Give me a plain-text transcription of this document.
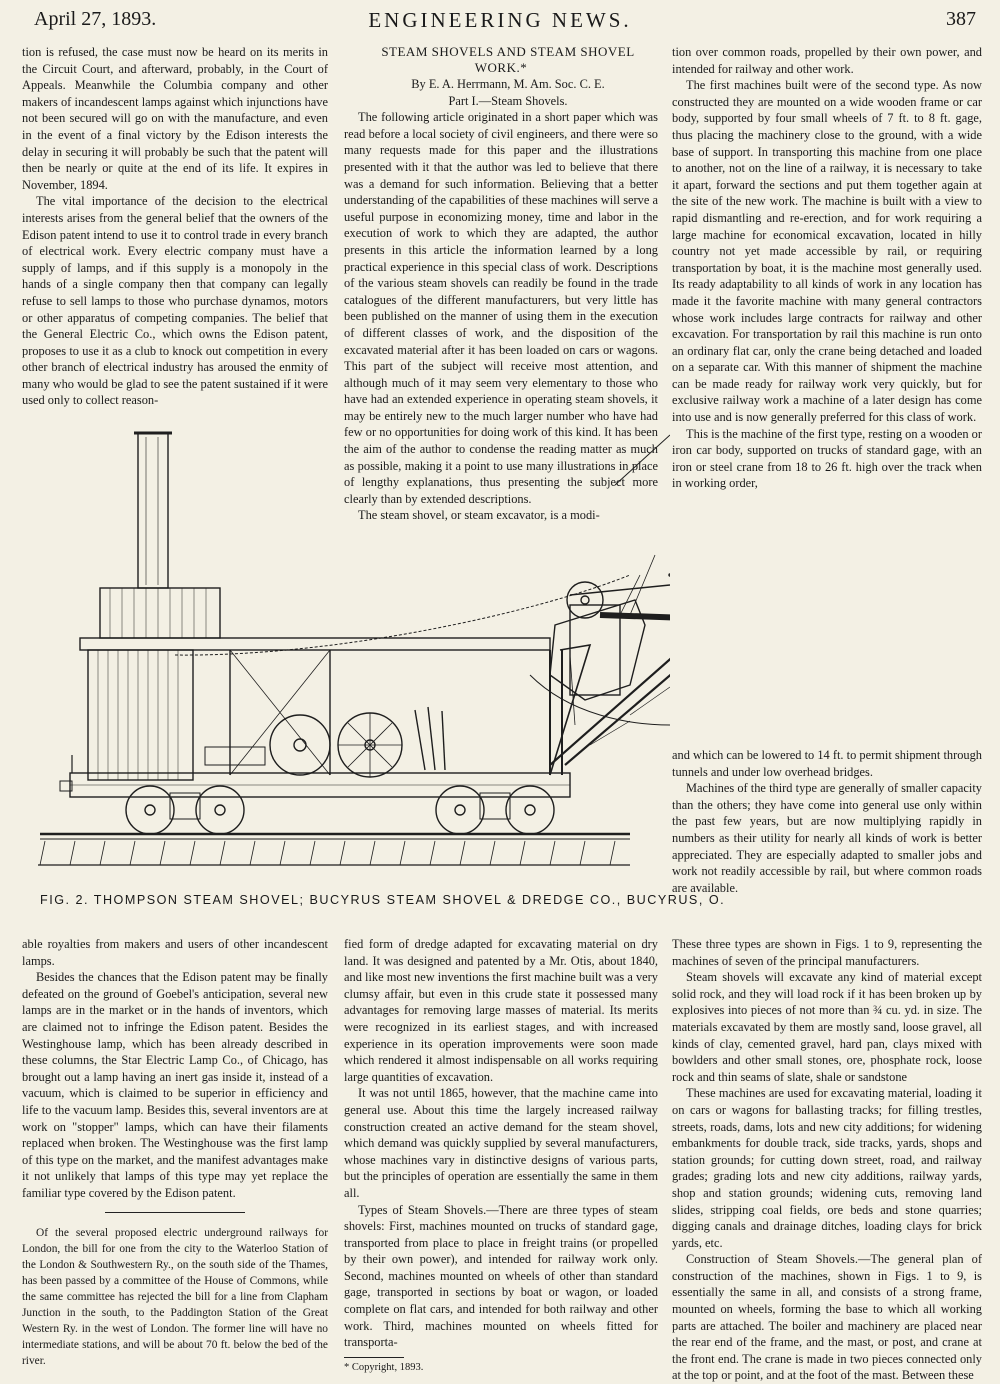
April 27, 1893.	ENGINEERING NEWS.	387

tion is refused, the case must now be heard on its merits in the Circuit Court, and afterward, probably, in the Court of Appeals. Meanwhile the Columbia company and other makers of incandescent lamps against which injunctions have not been secured will go on with the manufacture, and even in the event of a final victory by the Edison interests the delay in securing it will probably be such that the patent will then be nearly or quite at the end of its life. It expires in November, 1894.

The vital importance of the decision to the electrical interests arises from the general belief that the owners of the Edison patent intend to use it to control trade in every branch of electrical work. Every electric company must have a supply of lamps, and if this supply is a monopoly in the hands of a single company then that company can legally refuse to sell lamps to those who purchase dynamos, motors or other apparatus of competing companies. The belief that the General Electric Co., which owns the Edison patent, proposes to use it as a club to knock out competition in every other branch of electrical industry has aroused the enmity of many who would be glad to see the patent sustained if it were used only to collect reason-

STEAM SHOVELS AND STEAM SHOVEL WORK.*

By E. A. Herrmann, M. Am. Soc. C. E.

Part I.—Steam Shovels.

The following article originated in a short paper which was read before a local society of civil engineers, and there were so many requests made for this paper and the illustrations presented with it that the author was led to believe that there was a demand for such information. Believing that a better understanding of the capabilities of these machines will serve a useful purpose in economizing money, time and labor in the execution of work to which they are adapted, the author presents in this article the information learned by a long practical experience in this special class of work. Descriptions of the various steam shovels can readily be found in the trade catalogues of the different manufacturers, but very little has been published on the manner of using them in the execution of different classes of work, and the disposition of the excavated material after it has been loaded on cars or wagons. This part of the subject will receive most attention, and although much of it may seem very elementary to those who have had an extended experience in operating steam shovels, it may be entirely new to the much larger number who have had few or no opportunities for doing work of this kind. It has been the aim of the author to condense the reading matter as much as possible, making it a point to use many illustrations in place of lengthy explanations, thus presenting the subject more clearly than by extended descriptions.

The steam shovel, or steam excavator, is a modi-

tion over common roads, propelled by their own power, and intended for railway and other work.

The first machines built were of the second type. As now constructed they are mounted on a wide wooden frame or car body, supported by four small wheels of 7 ft. to 8 ft. gage, thus placing the machinery close to the ground, with a wide base of support. In transporting this machine from one place to another, not on the line of a railway, it is necessary to take it apart, forward the sections and put them together again at the site of the new work. The machine is built with a view to rapid dismantling and re-erection, and for work requiring a large machine for economical excavation, located in hilly country not yet made accessible by rail, or requiring transportation by boat, it is the machine most generally used. Its ready adaptability to all kinds of work in any location has made it the favorite machine with many general contractors whose work includes large contracts for railway and other excavation. For transportation by rail this machine is run onto an ordinary flat car, only the crane being detached and loaded on a separate car. With this manner of shipment the machine can be made ready for railway work very quickly, but for exclusive railway work a machine of a later design has come into use and is now generally preferred for this class of work.

This is the machine of the first type, resting on a wooden or iron car body, supported on trucks of standard gage, with an iron or steel crane from 18 to 26 ft. high over the track when in working order,

and which can be lowered to 14 ft. to permit shipment through tunnels and under low overhead bridges.

Machines of the third type are generally of smaller capacity than the others; they have come into general use only within the past few years, but are now multiplying rapidly in numbers as their utility for nearly all kinds of work is better appreciated. They are especially adapted to smaller jobs and work not readily accessible by rail, but where common roads are available.

FIG. 2. THOMPSON STEAM SHOVEL; BUCYRUS STEAM SHOVEL & DREDGE CO., BUCYRUS, O.

able royalties from makers and users of other incandescent lamps.

Besides the chances that the Edison patent may be finally defeated on the ground of Goebel's anticipation, several new lamps are in the market or in the hands of inventors, which are claimed not to infringe the Edison patent. Besides the Westinghouse lamp, which has been already described in these columns, the Star Electric Lamp Co., of Chicago, has brought out a lamp having an inert gas inside it, instead of a vacuum, which is claimed to be superior in efficiency and life to the vacuum lamp. Besides this, several inventors are at work on "stopper" lamps, which can have their filaments replaced when broken. The Westinghouse was the first lamp of this type on the market, and the manifest advantages make it not unlikely that lamps of this type may yet replace the familiar type covered by the Edison patent.

Of the several proposed electric underground railways for London, the bill for one from the city to the Waterloo Station of the London & Southwestern Ry., on the south side of the Thames, has been passed by a committee of the House of Commons, while the same committee has rejected the bill for a line from Clapham Junction in the south, to the Paddington Station of the Great Western Ry. in the west of London. The former line will have no intermediate stations, and will be about 70 ft. below the bed of the river.

fied form of dredge adapted for excavating material on dry land. It was designed and patented by a Mr. Otis, about 1840, and like most new inventions the first machine built was a very clumsy affair, but even in this crude state it possessed many advantages for removing large masses of material. Its merits were recognized in its earliest stages, and with increased experience in its operation improvements were soon made which rendered it almost indispensable on all works requiring large quantities of excavation.

It was not until 1865, however, that the machine came into general use. About this time the largely increased railway construction created an active demand for the steam shovel, which demand was quickly supplied by several manufacturers, whose machines vary in distinctive designs of various parts, but the principles of operation are essentially the same in them all.

Types of Steam Shovels.—There are three types of steam shovels: First, machines mounted on trucks of standard gage, transported from place to place in freight trains (or propelled by their own power), and intended for railway work only. Second, machines mounted on wheels of other than standard gage, transported in sections by boat or wagon, or loaded complete on flat cars, and intended for both railway and other work. Third, machines mounted on wheels fitted for transporta-

* Copyright, 1893.

These three types are shown in Figs. 1 to 9, representing the machines of seven of the principal manufacturers.

Steam shovels will excavate any kind of material except solid rock, and they will load rock if it has been broken up by explosives into pieces of not more than ¾ cu. yd. in size. The materials excavated by them are mostly sand, loose gravel, all kinds of clay, cemented gravel, hard pan, clays mixed with bowlders and other small stones, ore, phosphate rock, loose rock and thin seams of slate, shale or sandstone

These machines are used for excavating material, loading it on cars or wagons for ballasting tracks; for filling trestles, streets, roads, dams, lots and new city additions; for widening embankments for double track, side tracks, yards, shops and station grounds; for cutting down street, road, and railway grades; grading lots and new city additions, railway yards, shop and station grounds; widening cuts, removing land slides, stripping coal fields, ore beds and stone quarries; digging canals and drainage ditches, loading clays for brick yards, etc.

Construction of Steam Shovels.—The general plan of construction of the machines, shown in Figs. 1 to 9, is essentially the same in all, and consists of a strong frame, mounted on wheels, forming the base to which all working parts are attached. The boiler and machinery are placed near the rear end of the frame, and the mast, or post, and crane at the front end. The crane is made in two pieces connected only at the top or point, and at the foot of the mast. Between these
